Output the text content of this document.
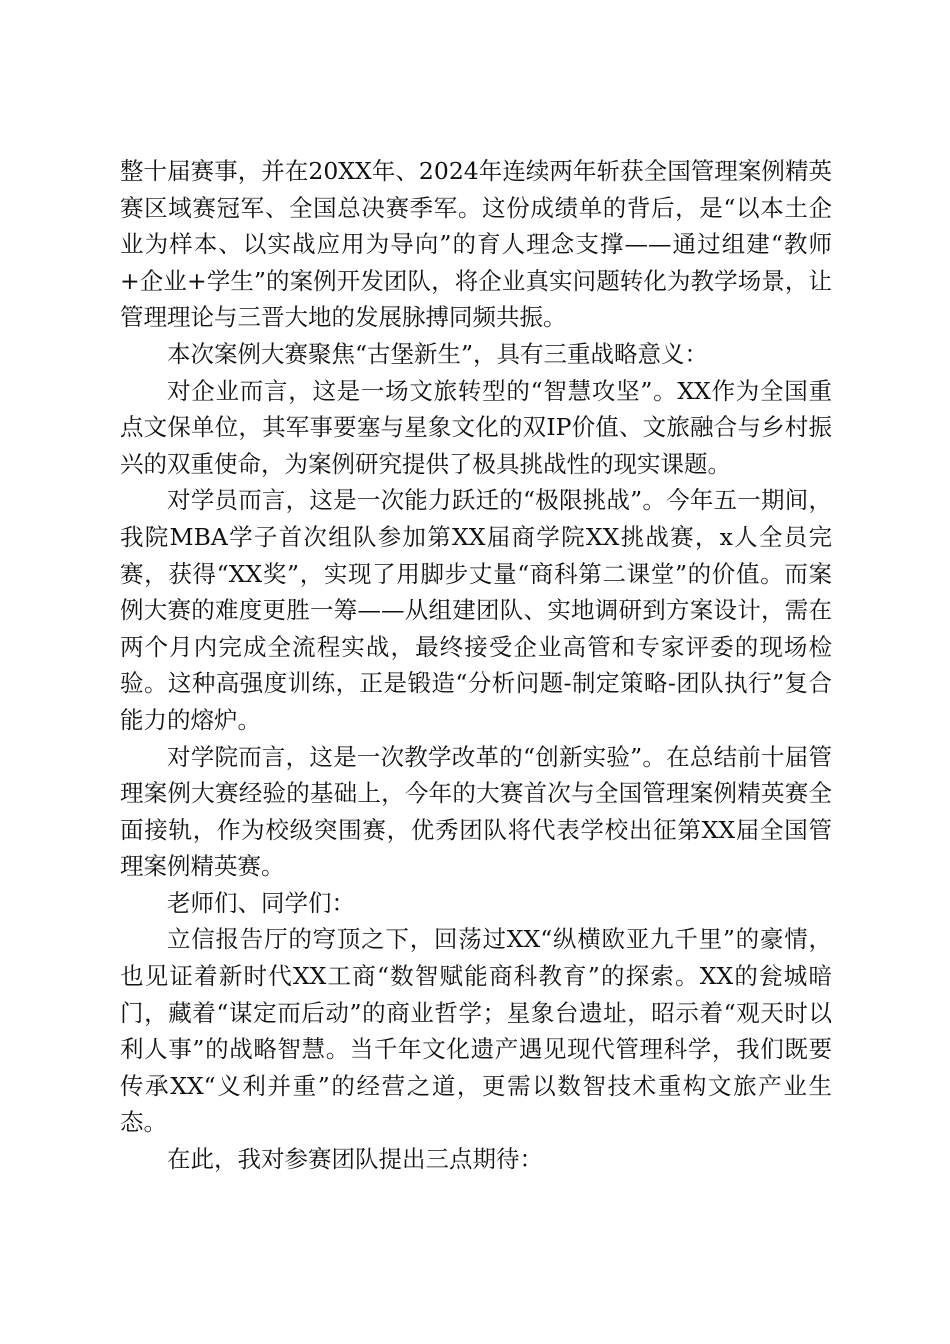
整十届赛事，并在20XX年、2024年连续两年斩获全国管理案例精英赛区域赛冠军、全国总决赛季军。这份成绩单的背后，是“以本土企业为样本、以实战应用为导向”的育人理念支撑——通过组建“教师+企业+学生”的案例开发团队，将企业真实问题转化为教学场景，让管理理论与三晋大地的发展脉搏同频共振。

本次案例大赛聚焦“古堡新生”，具有三重战略意义：

对企业而言，这是一场文旅转型的“智慧攻坚”。XX作为全国重点文保单位，其军事要塞与星象文化的双IP价值、文旅融合与乡村振兴的双重使命，为案例研究提供了极具挑战性的现实课题。

对学员而言，这是一次能力跃迁的“极限挑战”。今年五一期间，我院MBA学子首次组队参加第XX届商学院XX挑战赛，x人全员完赛，获得“XX奖”，实现了用脚步丈量“商科第二课堂”的价值。而案例大赛的难度更胜一筹——从组建团队、实地调研到方案设计，需在两个月内完成全流程实战，最终接受企业高管和专家评委的现场检验。这种高强度训练，正是锻造“分析问题-制定策略-团队执行”复合能力的熔炉。

对学院而言，这是一次教学改革的“创新实验”。在总结前十届管理案例大赛经验的基础上，今年的大赛首次与全国管理案例精英赛全面接轨，作为校级突围赛，优秀团队将代表学校出征第XX届全国管理案例精英赛。

老师们、同学们：

立信报告厅的穹顶之下，回荡过XX“纵横欧亚九千里”的豪情，也见证着新时代XX工商“数智赋能商科教育”的探索。XX的瓮城暗门，藏着“谋定而后动”的商业哲学；星象台遗址，昭示着“观天时以利人事”的战略智慧。当千年文化遗产遇见现代管理科学，我们既要传承XX“义利并重”的经营之道，更需以数智技术重构文旅产业生态。

在此，我对参赛团队提出三点期待：
